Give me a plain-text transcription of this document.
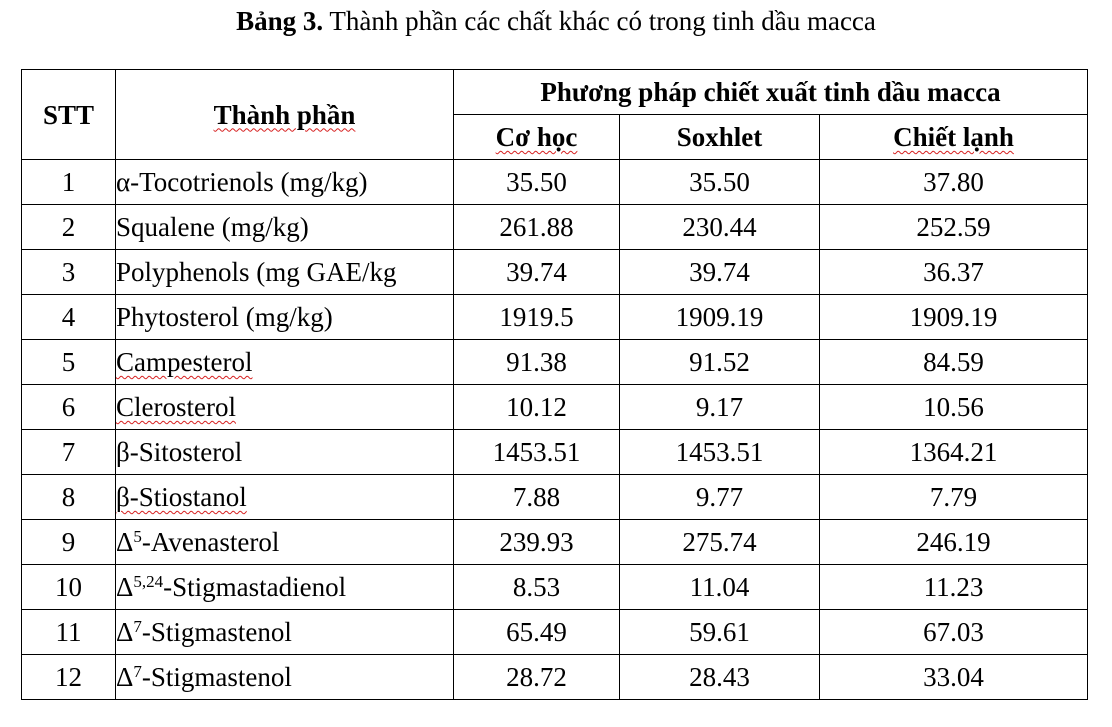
Bảng 3. Thành phần các chất khác có trong tinh dầu macca
STT	Thành phần	Phương pháp chiết xuất tinh dầu macca		
		Cơ học	Soxhlet	Chiết lạnh
1	α-Tocotrienols (mg/kg)	35.50	35.50	37.80
2	Squalene (mg/kg)	261.88	230.44	252.59
3	Polyphenols (mg GAE/kg	39.74	39.74	36.37
4	Phytosterol (mg/kg)	1919.5	1909.19	1909.19
5	Campesterol	91.38	91.52	84.59
6	Clerosterol	10.12	9.17	10.56
7	β-Sitosterol	1453.51	1453.51	1364.21
8	β-Stiostanol	7.88	9.77	7.79
9	$\Delta^5$-Avenasterol	239.93	275.74	246.19
10	Δ$^{5,24}$-Stigmastadienol	8.53	11.04	11.23
11	$\Delta^7$-Stigmastenol	65.49	59.61	67.03
12	$\Delta^7$-Stigmastenol	28.72	28.43	33.04
